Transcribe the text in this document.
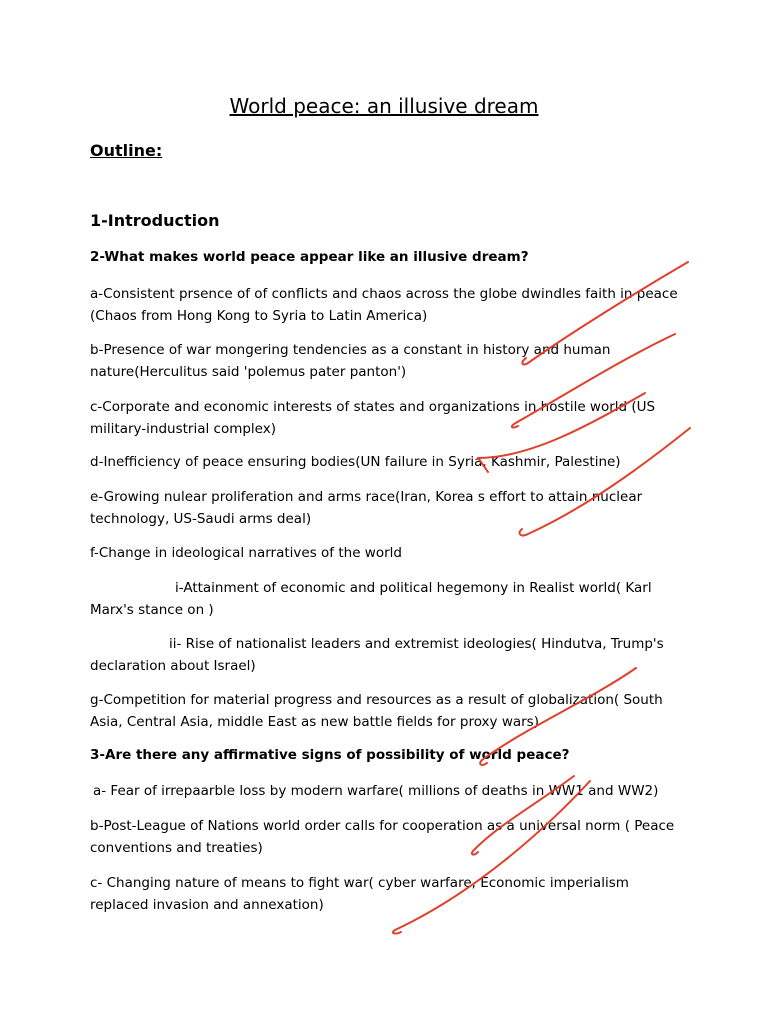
World peace: an illusive dream
Outline:
1-Introduction
2-What makes world peace appear like an illusive dream?

a-Consistent prsence of of conflicts and chaos across the globe dwindles faith in peace (Chaos from Hong Kong to Syria to Latin America)

b-Presence of war mongering tendencies as a constant in history and human nature(Herculitus said 'polemus pater panton')

c-Corporate and economic interests of states and organizations in hostile world (US military-industrial complex)

d-Inefficiency of peace ensuring bodies(UN failure in Syria, Kashmir, Palestine)

e-Growing nulear proliferation and arms race(Iran, Korea s effort to attain nuclear technology, US-Saudi arms deal)

f-Change in ideological narratives of the world

i-Attainment of economic and political hegemony in Realist world( Karl Marx's stance on )

ii- Rise of nationalist leaders and extremist ideologies( Hindutva, Trump's declaration about Israel)

g-Competition for material progress and resources as a result of globalization( South Asia, Central Asia, middle East as new battle fields for proxy wars)

3-Are there any affirmative signs of possibility of world peace?

a- Fear of irrepaarble loss by modern warfare( millions of deaths in WW1 and WW2)

b-Post-League of Nations world order calls for cooperation as a universal norm ( Peace conventions and treaties)

c- Changing nature of means to fight war( cyber warfare, Economic imperialism replaced invasion and annexation)
